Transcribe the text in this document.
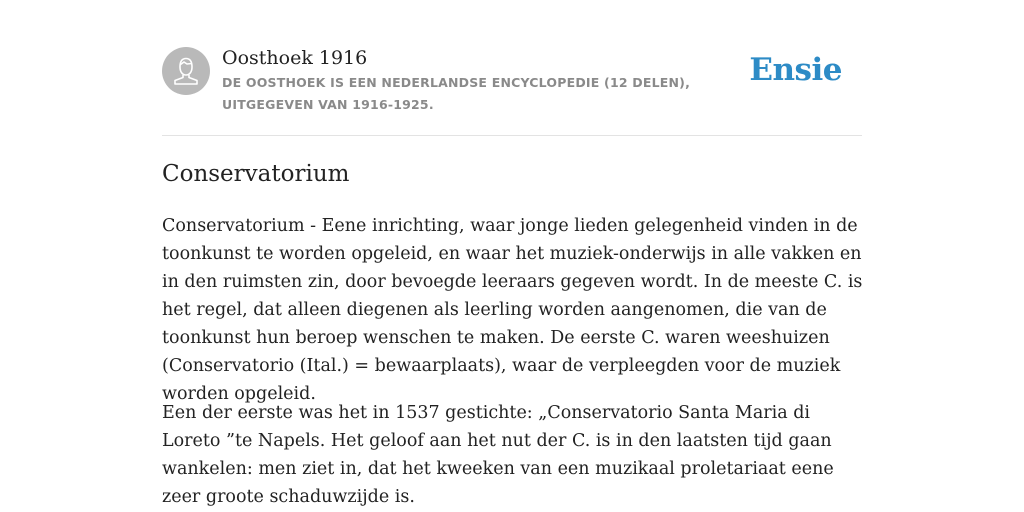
Oosthoek 1916
DE OOSTHOEK IS EEN NEDERLANDSE ENCYCLOPEDIE (12 DELEN), UITGEGEVEN VAN 1916-1925.
Ensie
Conservatorium

Conservatorium - Eene inrichting, waar jonge lieden gelegenheid vinden in de toonkunst te worden opgeleid, en waar het muziek-onderwijs in alle vakken en in den ruimsten zin, door bevoegde leeraars gegeven wordt. In de meeste C. is het regel, dat alleen diegenen als leerling worden aangenomen, die van de toonkunst hun beroep wenschen te maken. De eerste C. waren weeshuizen (Conservatorio (Ital.) = bewaarplaats), waar de verpleegden voor de muziek worden opgeleid.

Een der eerste was het in 1537 gestichte: „Conservatorio Santa Maria di Loreto ”te Napels. Het geloof aan het nut der C. is in den laatsten tijd gaan wankelen: men ziet in, dat het kweeken van een muzikaal proletariaat eene zeer groote schaduwzijde is.
